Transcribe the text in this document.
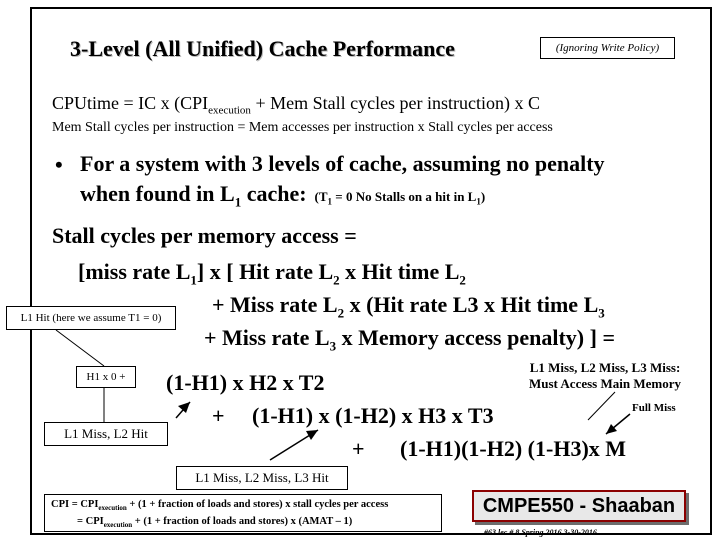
3-Level (All Unified) Cache Performance	(Ignoring Write Policy)
CPUtime = IC x ($CPI_{execution}$ + Mem Stall cycles per instruction) x C
Mem Stall cycles per instruction = Mem accesses per instruction x Stall cycles per access
• For a system with 3 levels of cache, assuming no penalty
when found in $L_1$ cache: ($T_1 = 0$ No Stalls on a hit in $L_1$)
Stall cycles per memory access =
[miss rate $L_1$] x [ Hit rate $L_2$ x Hit time $L_2$
+ Miss rate $L_2$ x (Hit rate L3 x Hit time $L_3$
+ Miss rate $L_3$ x Memory access penalty) ] =
(1-H1) x H2 x T2
+ (1-H1) x (1-H2) x H3 x T3
+ (1-H1)(1-H2) (1-H3)x M
L1 Hit (here we assume T1 = 0)
H1 x 0 +
L1 Miss, L2 Hit
L1 Miss, L2 Miss, L3 Miss:
Must Access Main Memory
Full Miss
L1 Miss, L2 Miss, L3 Hit
CPI = $CPI_{execution} + (1$ + fraction of loads and stores) x stall cycles per access
= $CPI_{execution} + (1$ + fraction of loads and stores) x (AMAT – 1)
CMPE550 - Shaaban
#63 lec # 8 Spring 2016 3-30-2016
